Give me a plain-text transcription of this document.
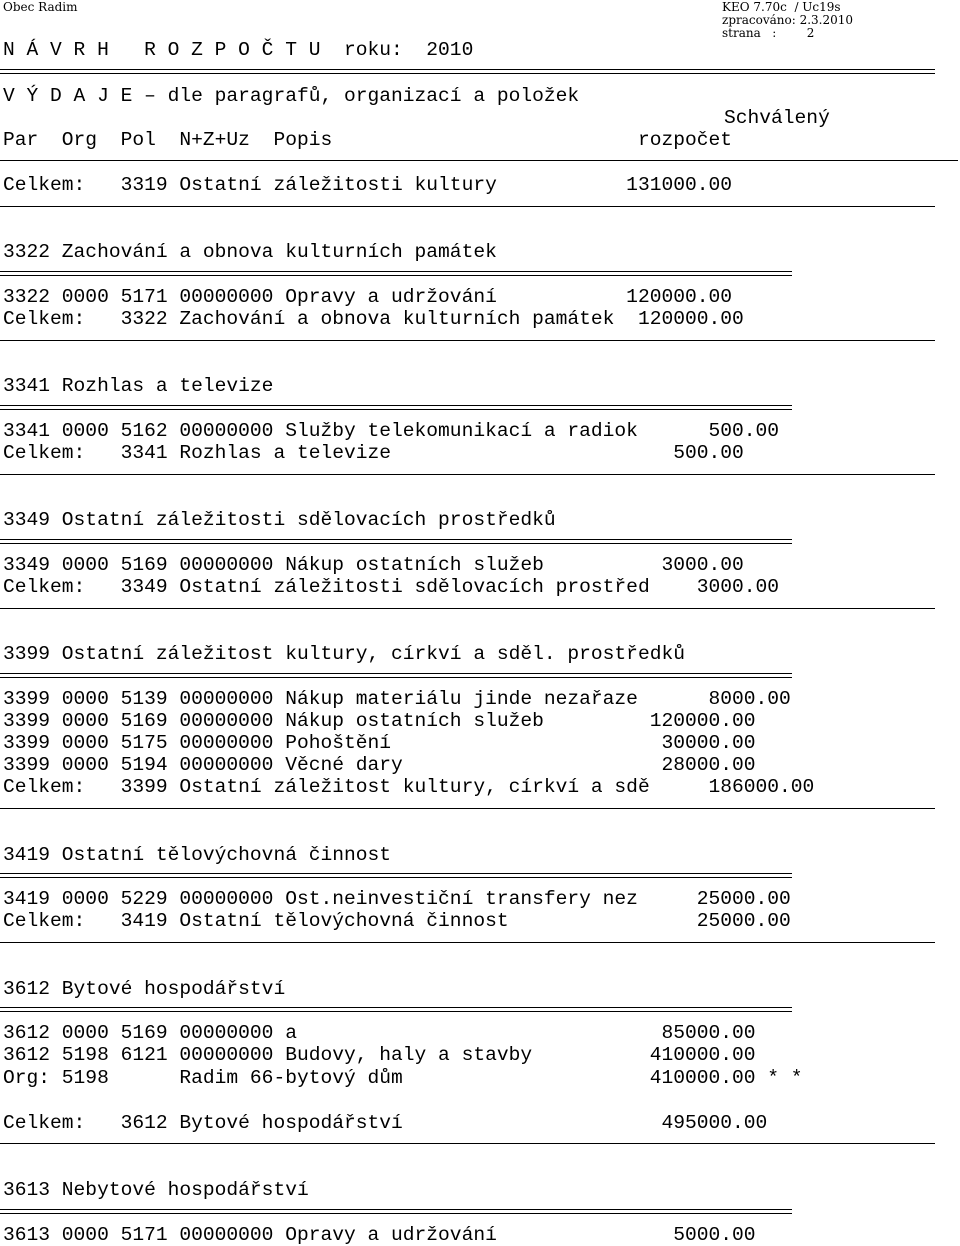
Obec Radim	KEO 7.70c  / Uc19s
zpracováno: 2.3.2010
strana   :        2
N Á V R H   R O Z P O Č T U  roku:  2010
V Ý D A J E – dle paragrafů, organizací a položek
Schválený
Par  Org  Pol  N+Z+Uz  Popis                          rozpočet
Celkem:   3319 Ostatní záležitosti kultury           131000.00
3322 Zachování a obnova kulturních památek
3322 0000 5171 00000000 Opravy a udržování           120000.00
Celkem:   3322 Zachování a obnova kulturních památek  120000.00
3341 Rozhlas a televize
3341 0000 5162 00000000 Služby telekomunikací a radiok      500.00
Celkem:   3341 Rozhlas a televize                        500.00
3349 Ostatní záležitosti sdělovacích prostředků
3349 0000 5169 00000000 Nákup ostatních služeb          3000.00
Celkem:   3349 Ostatní záležitosti sdělovacích prostřed    3000.00
3399 Ostatní záležitost kultury, církví a sděl. prostředků
3399 0000 5139 00000000 Nákup materiálu jinde nezařaze      8000.00
3399 0000 5169 00000000 Nákup ostatních služeb         120000.00
3399 0000 5175 00000000 Pohoštění                       30000.00
3399 0000 5194 00000000 Věcné dary                      28000.00
Celkem:   3399 Ostatní záležitost kultury, církví a sdě     186000.00
3419 Ostatní tělovýchovná činnost
3419 0000 5229 00000000 Ost.neinvestiční transfery nez     25000.00
Celkem:   3419 Ostatní tělovýchovná činnost                25000.00
3612 Bytové hospodářství
3612 0000 5169 00000000 a                               85000.00
3612 5198 6121 00000000 Budovy, haly a stavby          410000.00
Org: 5198      Radim 66-bytový dům                     410000.00 * *
Celkem:   3612 Bytové hospodářství                      495000.00
3613 Nebytové hospodářství
3613 0000 5171 00000000 Opravy a udržování               5000.00
